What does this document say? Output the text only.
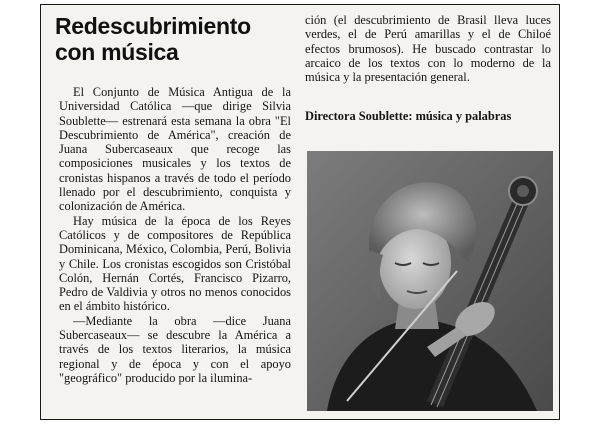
Redescubrimiento
con música

El Conjunto de Música Antigua de la Universidad Católica —que dirige Silvia Soublette— estrenará esta semana la obra "El Descubrimiento de América", creación de Juana Subercaseaux que recoge las composiciones musicales y los textos de cronistas hispanos a través de todo el período llenado por el descubrimiento, conquista y colonización de América.

Hay música de la época de los Reyes Católicos y de compositores de República Dominicana, México, Colombia, Perú, Bolivia y Chile. Los cronistas escogidos son Cristóbal Colón, Hernán Cortés, Francisco Pizarro, Pedro de Valdivia y otros no menos conocidos en el ámbito histórico.

—Mediante la obra —dice Juana Subercaseaux— se descubre la América a través de los textos literarios, la música regional y de época y con el apoyo "geográfico" producido por la ilumina-

ción (el descubrimiento de Brasil lleva luces verdes, el de Perú amarillas y el de Chiloé efectos brumosos). He buscado contrastar lo arcaico de los textos con lo moderno de la música y la presentación general.

Directora Soublette: música y palabras
